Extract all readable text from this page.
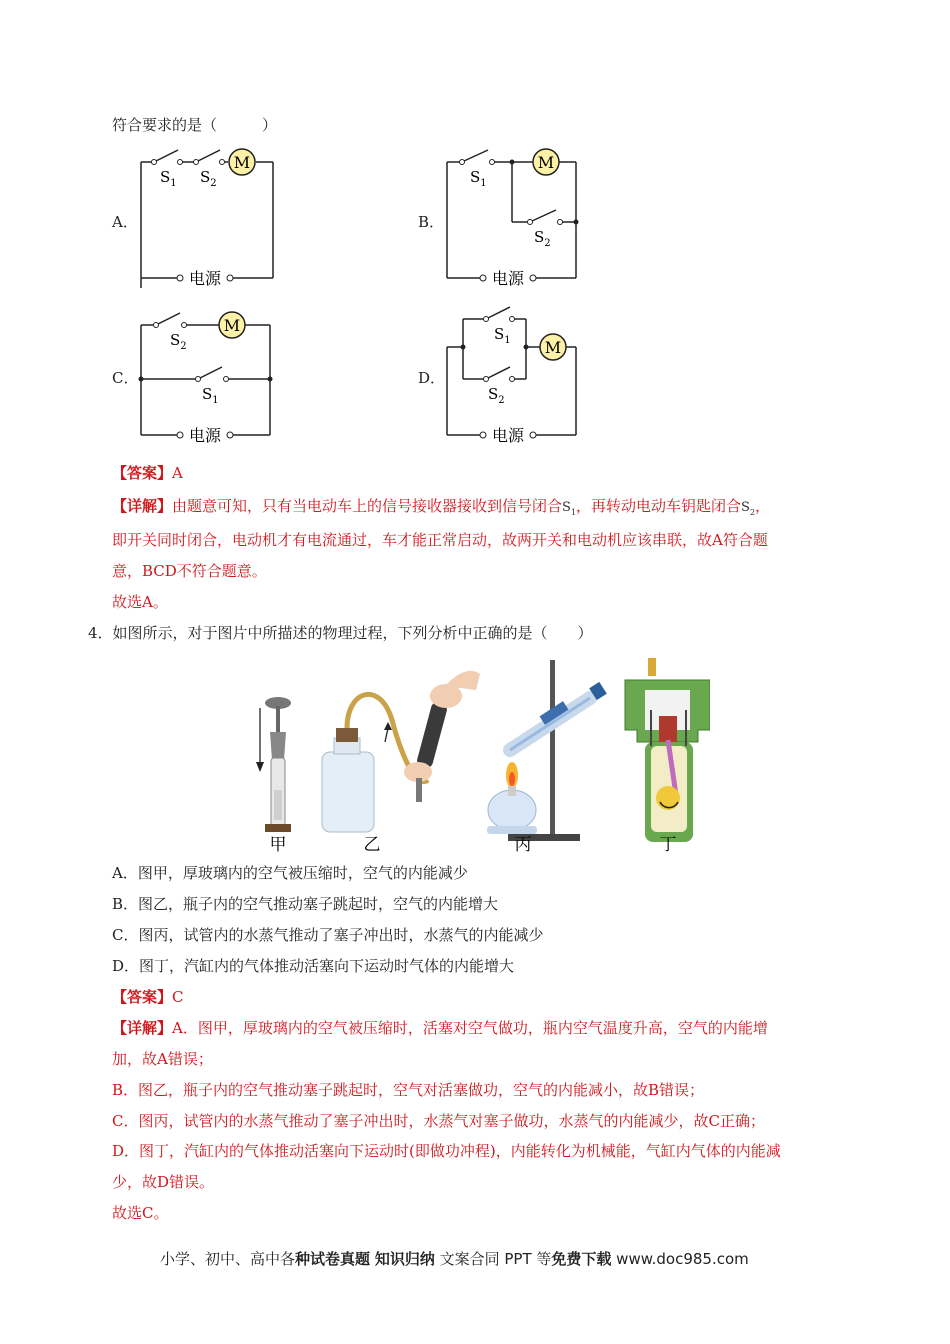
符合要求的是（　　　）
A．
M
$S_1$ $S_2$
电源
B．
M
$S_1$
$S_2$
电源
C．
M
$S_2$
$S_1$
电源
D．
M
$S_1$
$S_2$
电源
【答案】A
【详解】由题意可知，只有当电动车上的信号接收器接收到信号闭合$S_1$，再转动电动车钥匙闭合$S_2$，
即开关同时闭合，电动机才有电流通过，车才能正常启动，故两开关和电动机应该串联，故A符合题
意，BCD不符合题意。
故选A。
4．如图所示，对于图片中所描述的物理过程，下列分析中正确的是（　　）
甲	乙	丙	丁
A．图甲，厚玻璃内的空气被压缩时，空气的内能减少
B．图乙，瓶子内的空气推动塞子跳起时，空气的内能增大
C．图丙，试管内的水蒸气推动了塞子冲出时，水蒸气的内能减少
D．图丁，汽缸内的气体推动活塞向下运动时气体的内能增大
【答案】C
【详解】A．图甲，厚玻璃内的空气被压缩时，活塞对空气做功，瓶内空气温度升高，空气的内能增
加，故A错误；
B．图乙，瓶子内的空气推动塞子跳起时，空气对活塞做功，空气的内能减小，故B错误；
C．图丙，试管内的水蒸气推动了塞子冲出时，水蒸气对塞子做功，水蒸气的内能减少，故C正确；
D．图丁，汽缸内的气体推动活塞向下运动时(即做功冲程)，内能转化为机械能，气缸内气体的内能减
少，故D错误。
故选C。
小学、初中、高中各种试卷真题 知识归纳 文案合同 PPT 等免费下载 www.doc985.com
